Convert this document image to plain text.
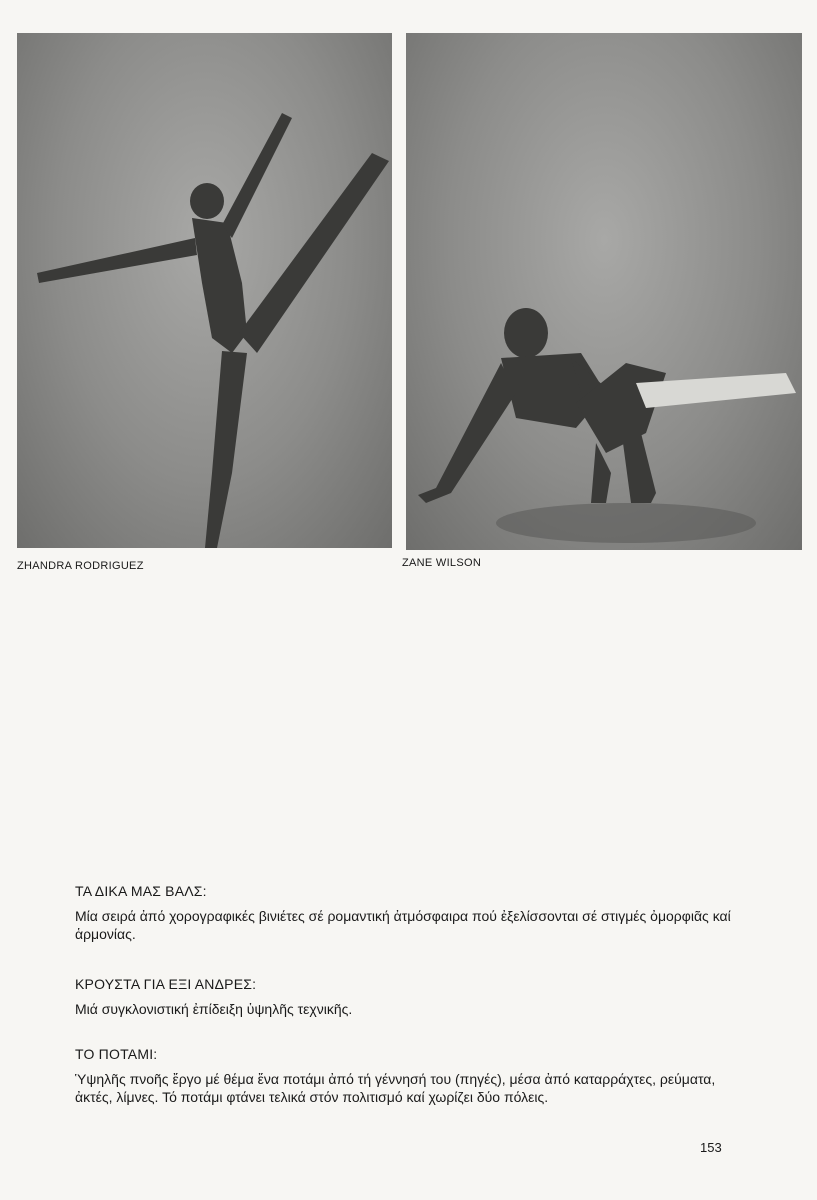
ZHANDRA RODRIGUEZ	ZANE WILSON

ΤΑ ΔΙΚΑ ΜΑΣ ΒΑΛΣ:

Μία σειρά ἀπό χορογραφικές βινιέτες σέ ρομαντική ἀτμόσφαιρα πού ἐξελίσσονται σέ στιγμές ὀμορφιᾶς καί ἁρμονίας.

ΚΡΟΥΣΤΑ ΓΙΑ ΕΞΙ ΑΝΔΡΕΣ:

Μιά συγκλονιστική ἐπίδειξη ὑψηλῆς τεχνικῆς.

ΤΟ ΠΟΤΑΜΙ:

Ὑψηλῆς πνοῆς ἔργο μέ θέμα ἕνα ποτάμι ἀπό τή γέννησή του (πηγές), μέσα ἀπό καταρράχτες, ρεύματα, ἀκτές, λίμνες. Τό ποτάμι φτάνει τελικά στόν πολιτισμό καί χωρίζει δύο πόλεις.

153
